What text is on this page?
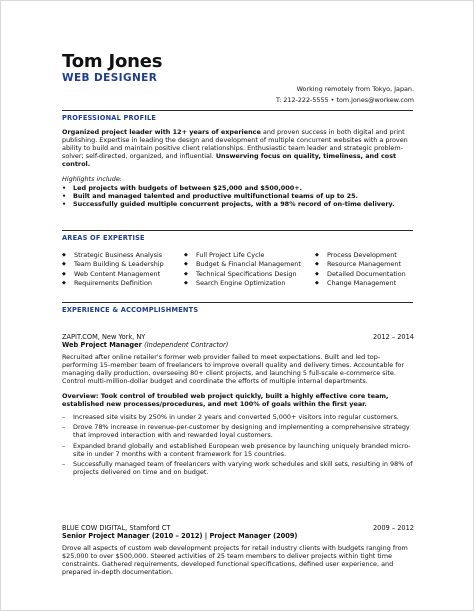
Tom Jones
WEB DESIGNER
Working remotely from Tokyo, Japan.
T: 212-222-5555 • tom.jones@workew.com
PROFESSIONAL PROFILE
Organized project leader with 12+ years of experience and proven success in both digital and print publishing. Expertise in leading the design and development of multiple concurrent websites with a proven ability to build and maintain positive client relationships. Enthusiastic team leader and strategic problem-solver; self-directed, organized, and influential. Unswerving focus on quality, timeliness, and cost control.
Highlights include:
• Led projects with budgets of between $25,000 and $500,000+.
• Built and managed talented and productive multifunctional teams of up to 25.
• Successfully guided multiple concurrent projects, with a 98% record of on-time delivery.
AREAS OF EXPERTISE
◆ Strategic Business Analysis
◆ Team Building & Leadership
◆ Web Content Management
◆ Requirements Definition
◆ Full Project Life Cycle
◆ Budget & Financial Management
◆ Technical Specifications Design
◆ Search Engine Optimization
◆ Process Development
◆ Resource Management
◆ Detailed Documentation
◆ Change Management
EXPERIENCE & ACCOMPLISHMENTS
ZAPIT.COM, New York, NY	2012 – 2014
Web Project Manager (Independent Contractor)
Recruited after online retailer's former web provider failed to meet expectations. Built and led top-performing 15-member team of freelancers to improve overall quality and delivery times. Accountable for managing daily production, overseeing 80+ client projects, and launching 5 full-scale e-commerce site. Control multi-million-dollar budget and coordinate the efforts of multiple internal departments.
Overview: Took control of troubled web project quickly, built a highly effective core team, established new processes/procedures, and met 100% of goals within the first year.
– Increased site visits by 250% in under 2 years and converted 5,000+ visitors into regular customers.
– Drove 78% increase in revenue-per-customer by designing and implementing a comprehensive strategy that improved interaction with and rewarded loyal customers.
– Expanded brand globally and established European web presence by launching uniquely branded micro-site in under 7 months with a content framework for 15 countries.
– Successfully managed team of freelancers with varying work schedules and skill sets, resulting in 98% of projects delivered on time and on budget.
BLUE COW DIGITAL, Stamford CT	2009 – 2012
Senior Project Manager (2010 – 2012) | Project Manager (2009)
Drove all aspects of custom web development projects for retail industry clients with budgets ranging from $25,000 to over $500,000. Steered activities of 25 team members to deliver projects within tight time constraints. Gathered requirements, developed functional specifications, defined user experience, and prepared in-depth documentation.
